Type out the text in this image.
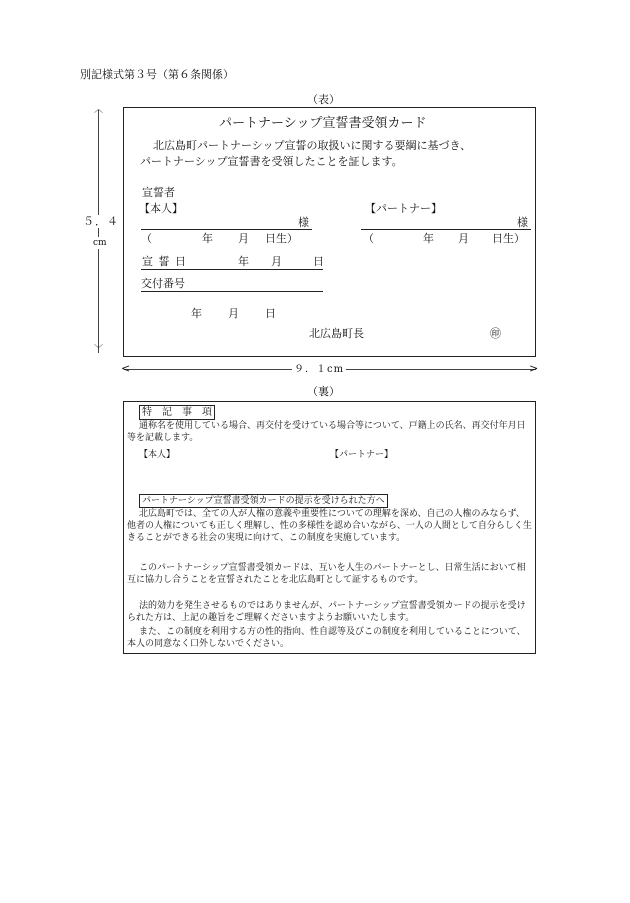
別記様式第３号（第６条関係）
（表）
︿
﹀
５．４
cm
パートナーシップ宣誓書受領カード
北広島町パートナーシップ宣誓の取扱いに関する要綱に基づき、
パートナーシップ宣誓書を受領したことを証します。
宣誓者
【本人】	【パートナー】
様	様
（	年 月 日生）	（	年 月 日生）
宣 誓 日	年 月	日
交付番号
年 月 日
北広島町長	㊞
<	>
９．１cm
（裏）
特　記　事　項
通称名を使用している場合、再交付を受けている場合等について、戸籍上の氏名、再交付年月日等を記載します。
【本人】	【パートナー】
パートナーシップ宣誓書受領カードの提示を受けられた方へ
北広島町では、全ての人が人権の意義や重要性についての理解を深め、自己の人権のみならず、他者の人権についても正しく理解し、性の多様性を認め合いながら、一人の人間として自分らしく生きることができる社会の実現に向けて、この制度を実施しています。
このパートナーシップ宣誓書受領カードは、互いを人生のパートナーとし、日常生活において相互に協力し合うことを宣誓されたことを北広島町として証するものです。
法的効力を発生させるものではありませんが、パートナーシップ宣誓書受領カードの提示を受けられた方は、上記の趣旨をご理解くださいますようお願いいたします。
また、この制度を利用する方の性的指向、性自認等及びこの制度を利用していることについて、本人の同意なく口外しないでください。
